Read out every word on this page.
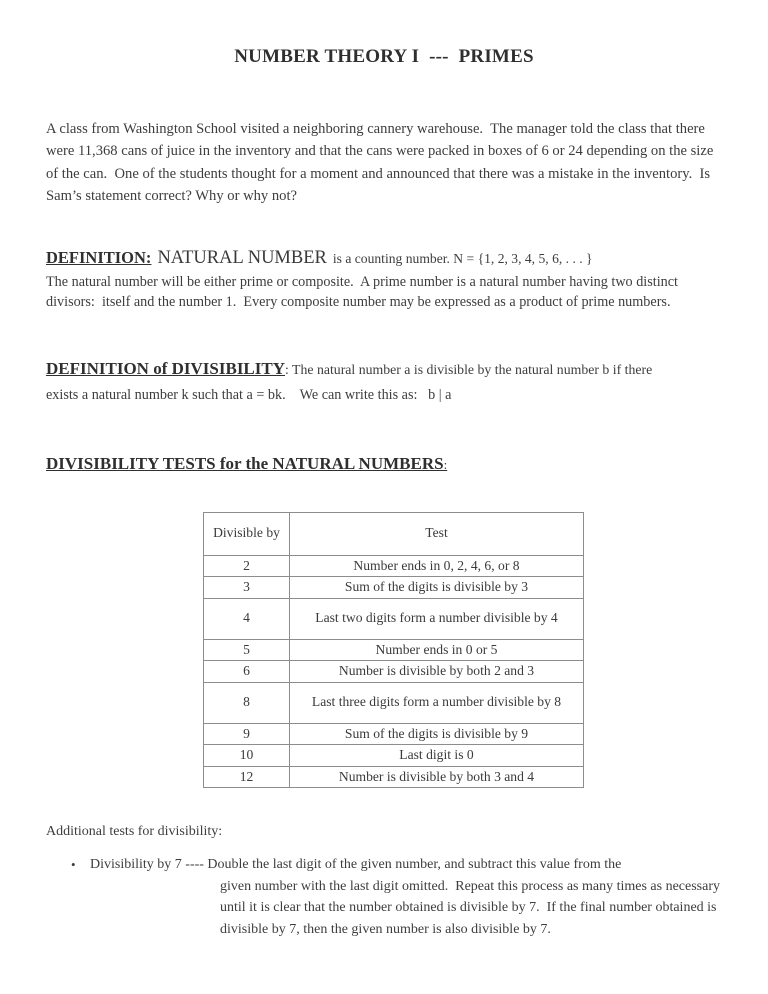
NUMBER THEORY I  ---  PRIMES
A class from Washington School visited a neighboring cannery warehouse.  The manager told the class that there were 11,368 cans of juice in the inventory and that the cans were packed in boxes of 6 or 24 depending on the size of the can.  One of the students thought for a moment and announced that there was a mistake in the inventory.  Is Sam’s statement correct? Why or why not?
DEFINITION: NATURAL NUMBER is a counting number. N = {1, 2, 3, 4, 5, 6, . . . }
The natural number will be either prime or composite.  A prime number is a natural number having two distinct divisors:  itself and the number 1.  Every composite number may be expressed as a product of prime numbers.
DEFINITION of DIVISIBILITY: The natural number a is divisible by the natural number b if there
exists a natural number k such that a = bk.    We can write this as:   b | a
DIVISIBILITY TESTS for the NATURAL NUMBERS:
Divisible by	Test
2	Number ends in 0, 2, 4, 6, or 8
3	Sum of the digits is divisible by 3
4	Last two digits form a number divisible by 4
5	Number ends in 0 or 5
6	Number is divisible by both 2 and 3
8	Last three digits form a number divisible by 8
9	Sum of the digits is divisible by 9
10	Last digit is 0
12	Number is divisible by both 3 and 4
Additional tests for divisibility:
•	Divisibility by 7 ---- Double the last digit of the given number, and subtract this value from the
given number with the last digit omitted.  Repeat this process as many times as necessary until it is clear that the number obtained is divisible by 7.  If the final number obtained is divisible by 7, then the given number is also divisible by 7.
